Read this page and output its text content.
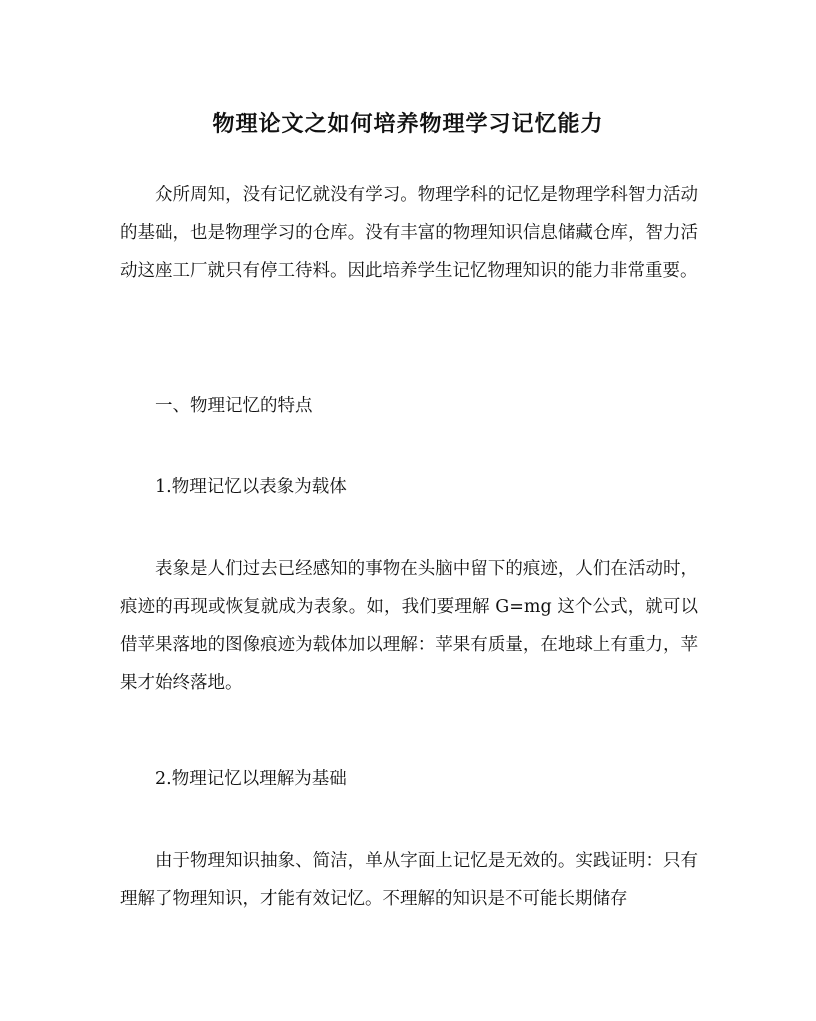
物理论文之如何培养物理学习记忆能力
众所周知，没有记忆就没有学习。物理学科的记忆是物理学科智力活动的基础，也是物理学习的仓库。没有丰富的物理知识信息储藏仓库，智力活动这座工厂就只有停工待料。因此培养学生记忆物理知识的能力非常重要。
一、物理记忆的特点
1.物理记忆以表象为载体
表象是人们过去已经感知的事物在头脑中留下的痕迹，人们在活动时，痕迹的再现或恢复就成为表象。如，我们要理解 G=mg 这个公式，就可以借苹果落地的图像痕迹为载体加以理解：苹果有质量，在地球上有重力，苹果才始终落地。
2.物理记忆以理解为基础
由于物理知识抽象、简洁，单从字面上记忆是无效的。实践证明：只有理解了物理知识，才能有效记忆。不理解的知识是不可能长期储存
